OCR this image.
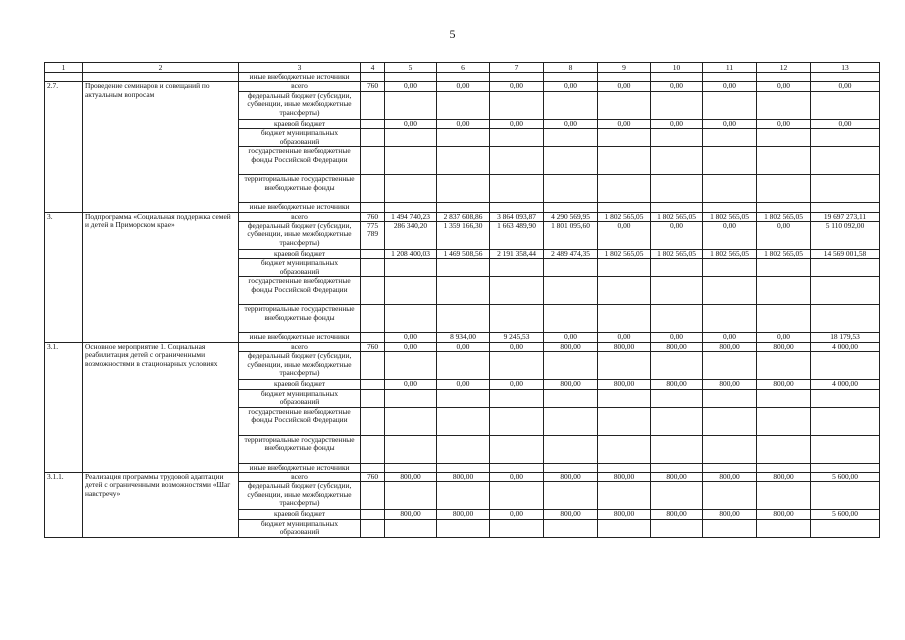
5
1	2	3	4	5	6	7	8	9	10	11	12	13
		иные внебюджетные источники										
2.7.	Проведение семинаров и совещаний по актуальным вопросам	всего	760	0,00	0,00	0,00	0,00	0,00	0,00	0,00	0,00	0,00
		федеральный бюджет (субсидии, субвенции, иные межбюджетные трансферты)										
		краевой бюджет		0,00	0,00	0,00	0,00	0,00	0,00	0,00	0,00	0,00
		бюджет муниципальных образований										
		государственные внебюджетные фонды Российской Федерации										
		территориальные государственные внебюджетные фонды										
		иные внебюджетные источники										
3.	Подпрограмма «Социальная поддержка семей и детей в Приморском крае»	всего	760	1 494 740,23	2 837 608,86	3 864 093,87	4 290 569,95	1 802 565,05	1 802 565,05	1 802 565,05	1 802 565,05	19 697 273,11
		федеральный бюджет (субсидии, субвенции, иные межбюджетные трансферты)	775 789	286 340,20	1 359 166,30	1 663 489,90	1 801 095,60	0,00	0,00	0,00	0,00	5 110 092,00
		краевой бюджет		1 208 400,03	1 469 508,56	2 191 358,44	2 489 474,35	1 802 565,05	1 802 565,05	1 802 565,05	1 802 565,05	14 569 001,58
		бюджет муниципальных образований										
		государственные внебюджетные фонды Российской Федерации										
		территориальные государственные внебюджетные фонды										
		иные внебюджетные источники		0,00	8 934,00	9 245,53	0,00	0,00	0,00	0,00	0,00	18 179,53
3.1.	Основное мероприятие 1. Социальная реабилитация детей с ограниченными возможностями в стационарных условиях	всего	760	0,00	0,00	0,00	800,00	800,00	800,00	800,00	800,00	4 000,00
		федеральный бюджет (субсидии, субвенции, иные межбюджетные трансферты)										
		краевой бюджет		0,00	0,00	0,00	800,00	800,00	800,00	800,00	800,00	4 000,00
		бюджет муниципальных образований										
		государственные внебюджетные фонды Российской Федерации										
		территориальные государственные внебюджетные фонды										
		иные внебюджетные источники										
3.1.1.	Реализация программы трудовой адаптации детей с ограниченными возможностями «Шаг навстречу»	всего	760	800,00	800,00	0,00	800,00	800,00	800,00	800,00	800,00	5 600,00
		федеральный бюджет (субсидии, субвенции, иные межбюджетные трансферты)										
		краевой бюджет		800,00	800,00	0,00	800,00	800,00	800,00	800,00	800,00	5 600,00
		бюджет муниципальных образований										
